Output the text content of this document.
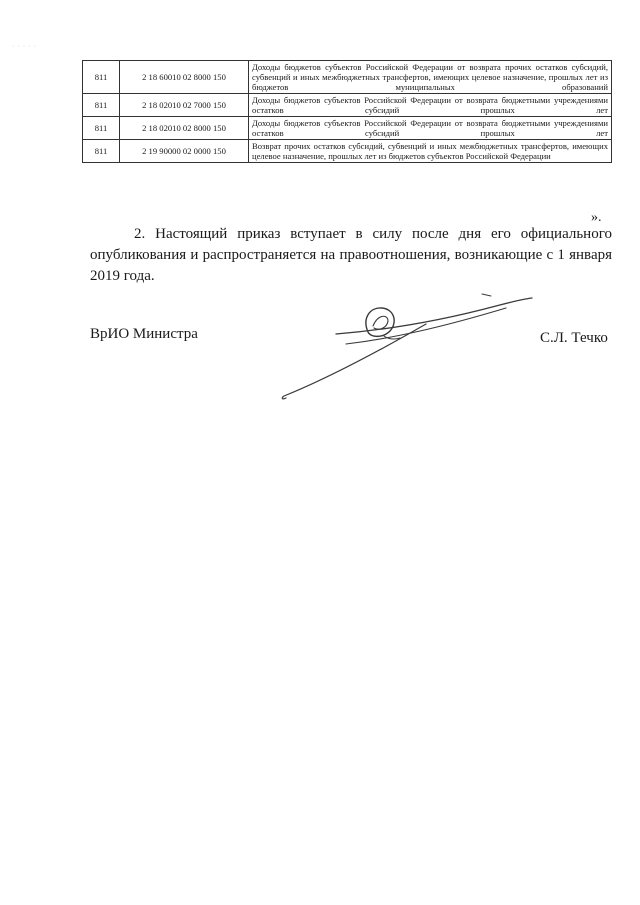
· · · · ·
811	2 18 60010 02 8000 150	Доходы бюджетов субъектов Российской Федерации от возврата прочих остатков субсидий, субвенций и иных межбюджетных трансфертов, имеющих целевое назначение, прошлых лет из бюджетов муниципальных образований
811	2 18 02010 02 7000 150	Доходы бюджетов субъектов Российской Федерации от возврата бюджетными учреждениями остатков субсидий прошлых лет
811	2 18 02010 02 8000 150	Доходы бюджетов субъектов Российской Федерации от возврата бюджетными учреждениями остатков субсидий прошлых лет
811	2 19 90000 02 0000 150	Возврат прочих остатков субсидий, субвенций и иных межбюджетных трансфертов, имеющих целевое назначение, прошлых лет из бюджетов субъектов Российской Федерации
».

2. Настоящий приказ вступает в силу после дня его официального опубликования и распространяется на правоотношения, возникающие с 1 января 2019 года.

ВрИО Министра	С.Л. Течко
